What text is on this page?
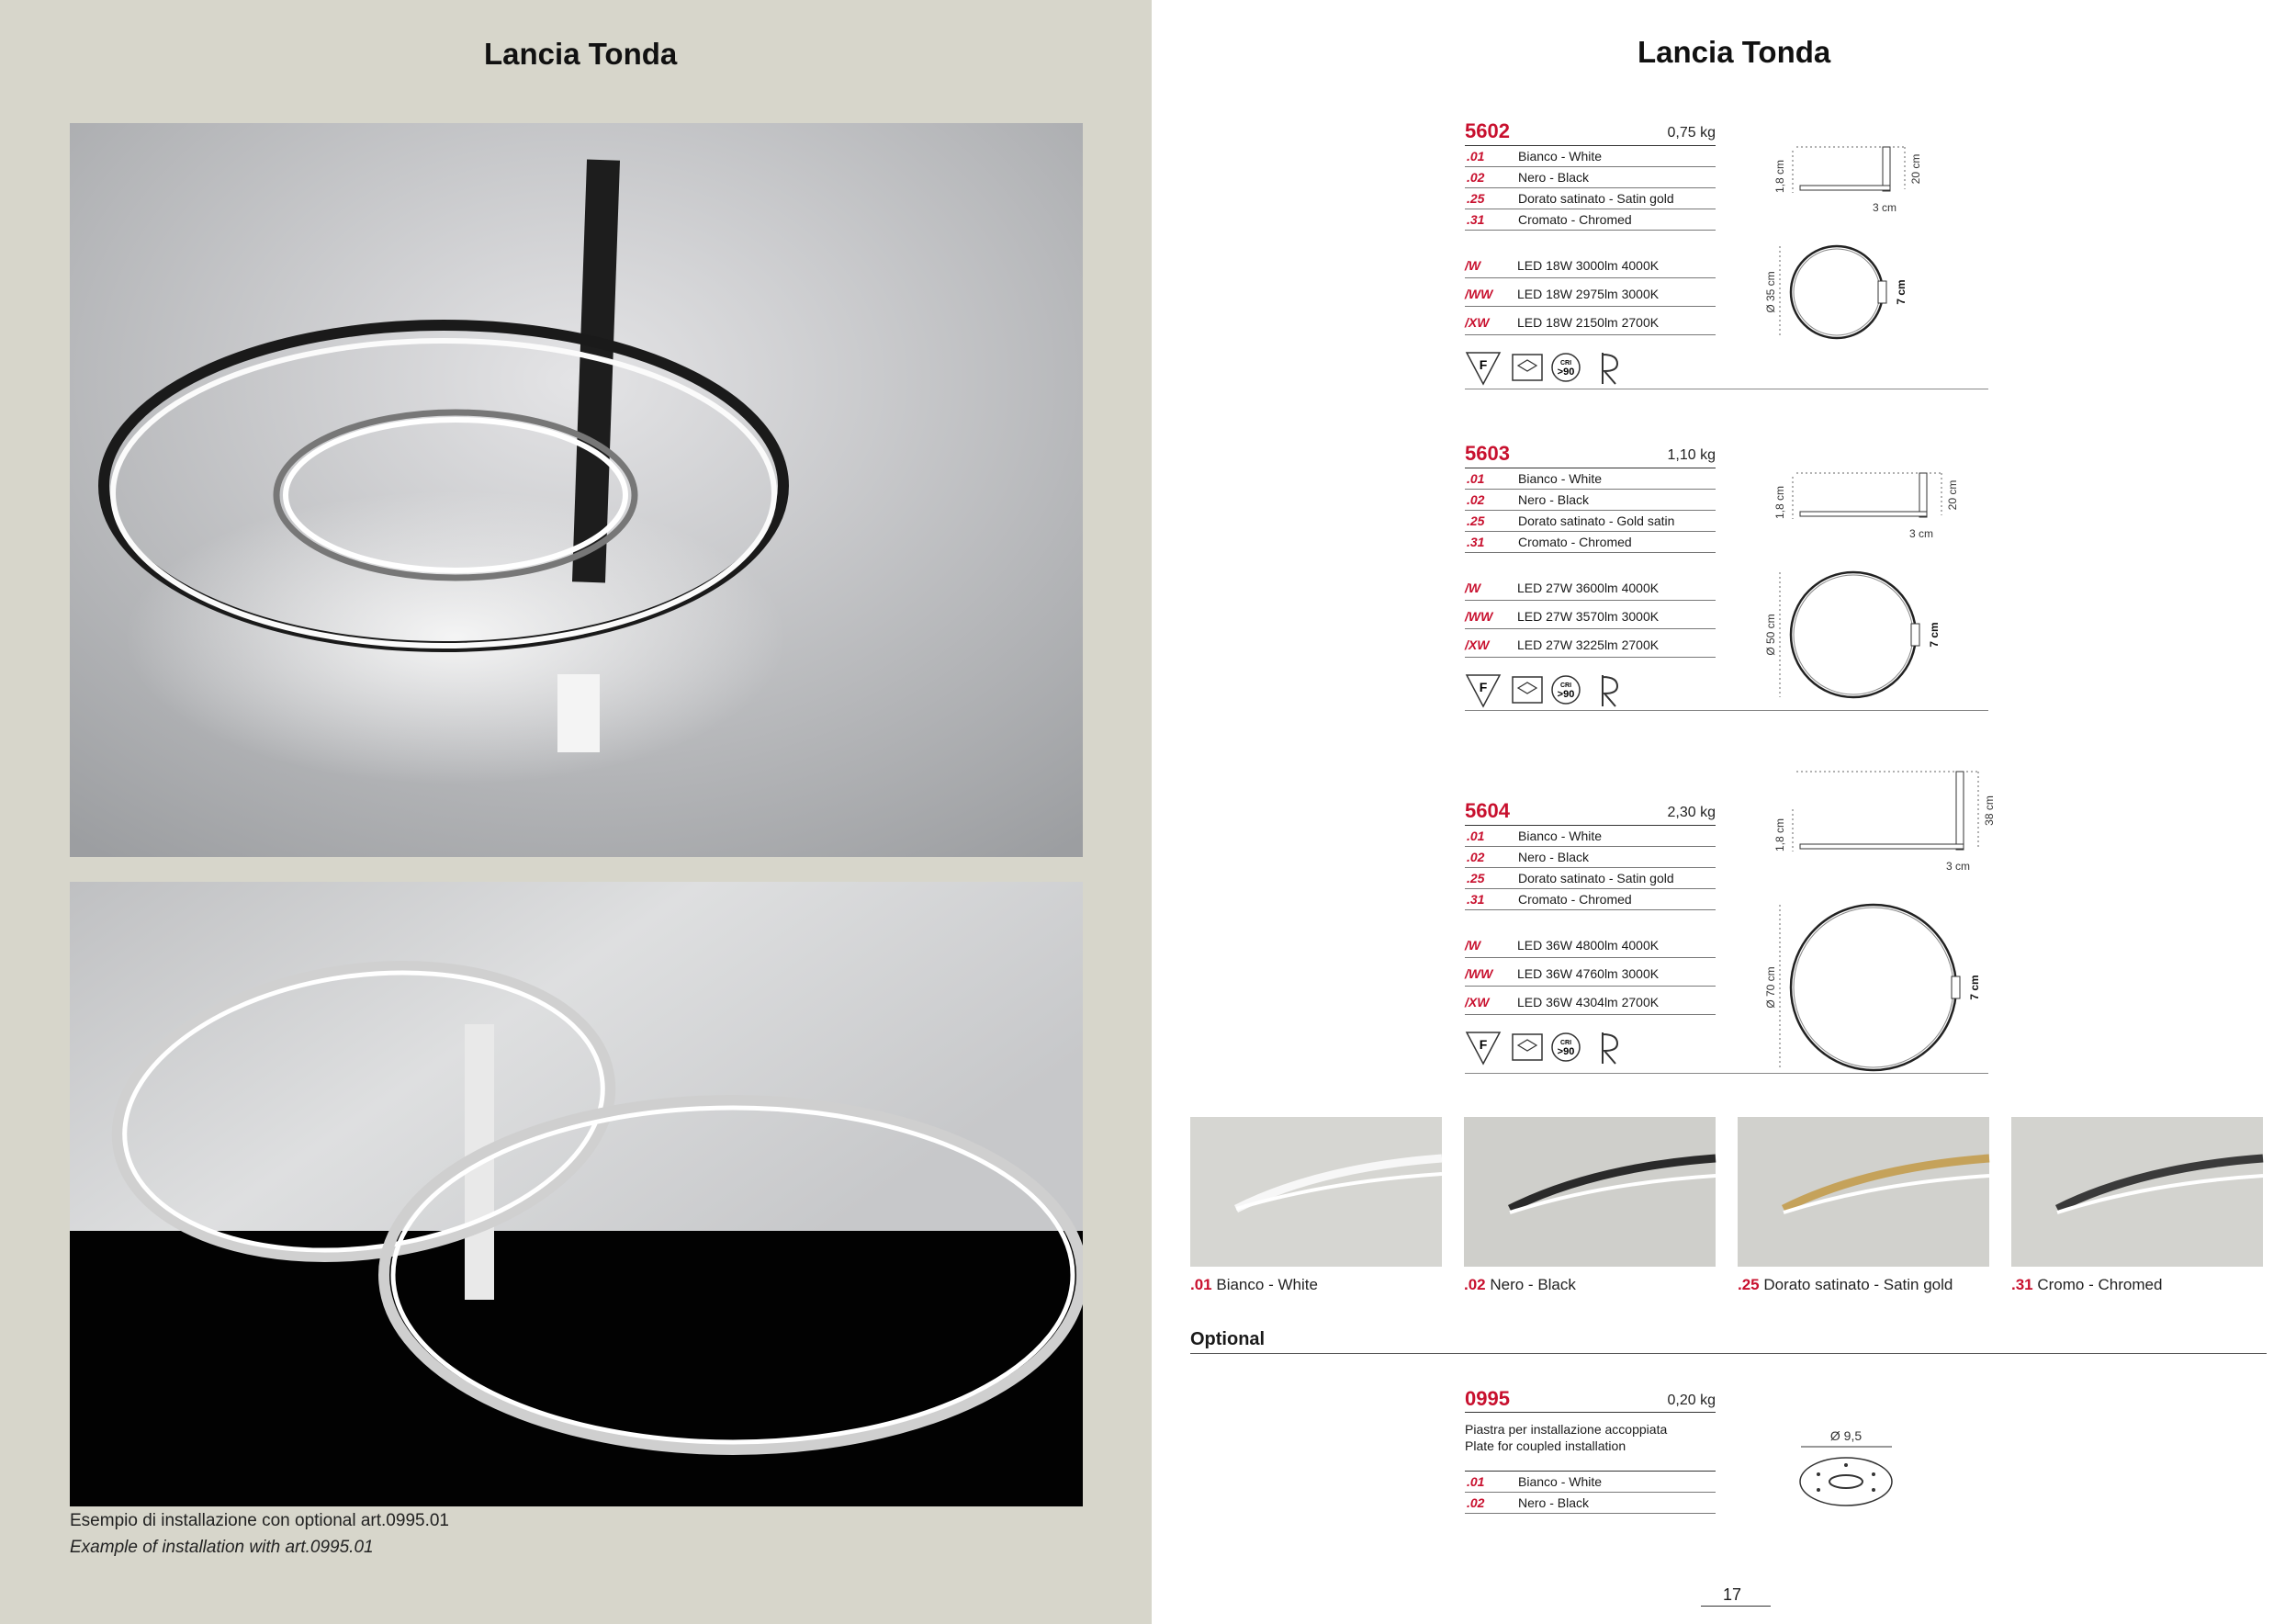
Lancia Tonda
Esempio di installazione con optional art.0995.01
Example of installation with art.0995.01
Lancia Tonda
5602	0,75 kg
.01	Bianco - White
.02	Nero - Black
.25	Dorato satinato - Satin gold
.31	Cromato - Chromed
/W	LED 18W 3000lm 4000K
/WW LED 18W 2975lm 3000K
/XW LED 18W 2150lm 2700K
F	CRI
>90
20 cm
1,8 cm
3 cm
Ø 35 cm	7 cm
5603	1,10 kg
.01	Bianco - White
.02	Nero - Black
.25	Dorato satinato - Gold satin
.31	Cromato - Chromed
/W	LED 27W 3600lm 4000K
/WW LED 27W 3570lm 3000K
/XW LED 27W 3225lm 2700K
F	CRI
>90
20 cm
1,8 cm
3 cm
Ø 50 cm	7 cm
5604	2,30 kg
.01	Bianco - White
.02	Nero - Black
.25	Dorato satinato - Satin gold
.31	Cromato - Chromed
/W	LED 36W 4800lm 4000K
/WW LED 36W 4760lm 3000K
/XW LED 36W 4304lm 2700K
F	CRI
>90
38 cm
1,8 cm
3 cm
Ø 70 cm	7 cm
.01 Bianco - White	.02 Nero - Black	.25 Dorato satinato - Satin gold	.31 Cromo - Chromed
Optional
0995	0,20 kg
Piastra per installazione accoppiata
Plate for coupled installation
.01	Bianco - White
.02	Nero - Black
Ø 9,5
17
